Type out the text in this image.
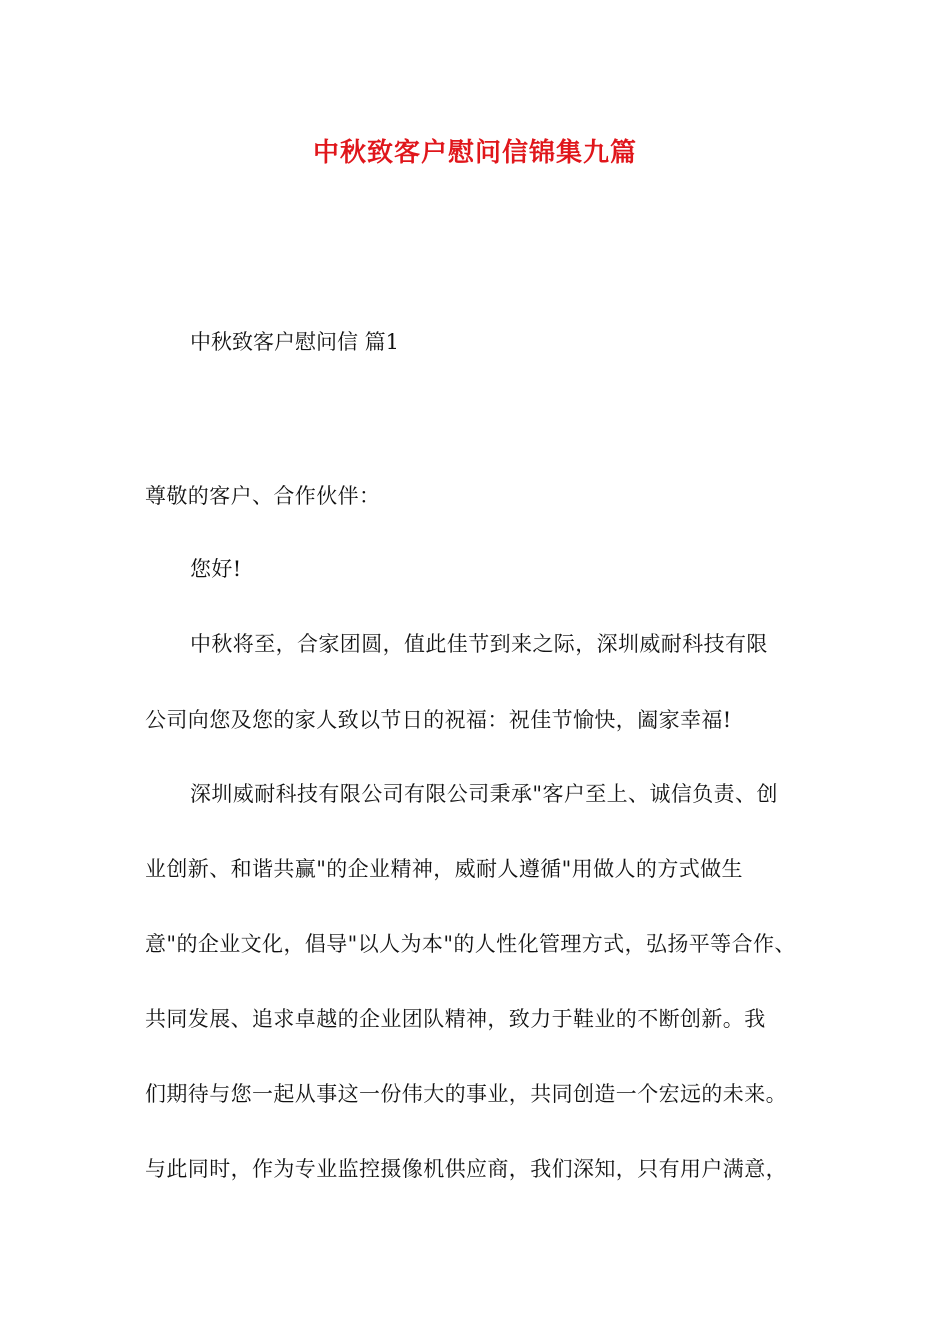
中秋致客户慰问信锦集九篇
中秋致客户慰问信 篇1
尊敬的客户、合作伙伴：
您好!
中秋将至，合家团圆，值此佳节到来之际，深圳威耐科技有限
公司向您及您的家人致以节日的祝福：祝佳节愉快，阖家幸福!
深圳威耐科技有限公司有限公司秉承"客户至上、诚信负责、创
业创新、和谐共赢"的企业精神，威耐人遵循"用做人的方式做生
意"的企业文化，倡导"以人为本"的人性化管理方式，弘扬平等合作、
共同发展、追求卓越的企业团队精神，致力于鞋业的不断创新。我
们期待与您一起从事这一份伟大的事业，共同创造一个宏远的未来。
与此同时，作为专业监控摄像机供应商，我们深知，只有用户满意，
